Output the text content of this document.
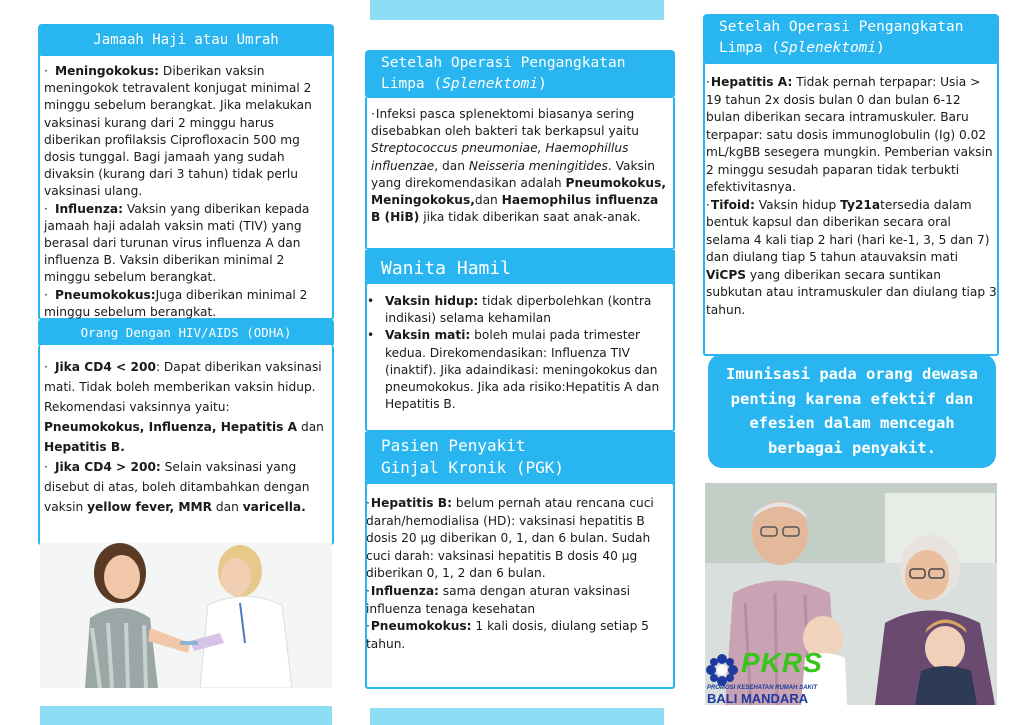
Jamaah Haji atau Umrah

· Meningokokus: Diberikan vaksin meningokok tetravalent konjugat minimal 2 minggu sebelum berangkat. Jika melakukan vaksinasi kurang dari 2 minggu harus diberikan profilaksis Ciprofloxacin 500 mg dosis tunggal. Bagi jamaah yang sudah divaksin (kurang dari 3 tahun) tidak perlu vaksinasi ulang.

· Influenza: Vaksin yang diberikan kepada jamaah haji adalah vaksin mati (TIV) yang berasal dari turunan virus influenza A dan influenza B. Vaksin diberikan minimal 2 minggu sebelum berangkat.

· Pneumokokus:Juga diberikan minimal 2 minggu sebelum berangkat.

Orang Dengan HIV/AIDS (ODHA)

· Jika CD4 < 200: Dapat diberikan vaksinasi mati. Tidak boleh memberikan vaksin hidup. Rekomendasi vaksinnya yaitu: Pneumokokus, Influenza, Hepatitis A dan Hepatitis B.

· Jika CD4 > 200: Selain vaksinasi yang disebut di atas, boleh ditambahkan dengan vaksin yellow fever, MMR dan varicella.

Setelah Operasi Pengangkatan
Limpa (Splenektomi)

·Infeksi pasca splenektomi biasanya sering disebabkan oleh bakteri tak berkapsul yaitu Streptococcus pneumoniae, Haemophillus influenzae, dan Neisseria meningitides. Vaksin yang direkomendasikan adalah Pneumokokus, Meningokokus,dan Haemophilus influenza B (HiB) jika tidak diberikan saat anak-anak.

Wanita Hamil

• Vaksin hidup: tidak diperbolehkan (kontra indikasi) selama kehamilan

• Vaksin mati: boleh mulai pada trimester kedua. Direkomendasikan: Influenza TIV (inaktif). Jika adaindikasi: meningokokus dan pneumokokus. Jika ada risiko:Hepatitis A dan Hepatitis B.

Pasien Penyakit
Ginjal Kronik (PGK)

·Hepatitis B: belum pernah atau rencana cuci darah/hemodialisa (HD): vaksinasi hepatitis B dosis 20 µg diberikan 0, 1, dan 6 bulan. Sudah cuci darah: vaksinasi hepatitis B dosis 40 µg diberikan 0, 1, 2 dan 6 bulan.

·Influenza: sama dengan aturan vaksinasi influenza tenaga kesehatan

·Pneumokokus: 1 kali dosis, diulang setiap 5 tahun.

Setelah Operasi Pengangkatan
Limpa (Splenektomi)

·Hepatitis A: Tidak pernah terpapar: Usia > 19 tahun 2x dosis bulan 0 dan bulan 6-12 bulan diberikan secara intramuskuler. Baru terpapar: satu dosis immunoglobulin (Ig) 0.02 mL/kgBB sesegera mungkin. Pemberian vaksin 2 minggu sesudah paparan tidak terbukti efektivitasnya.

·Tifoid: Vaksin hidup Ty21atersedia dalam bentuk kapsul dan diberikan secara oral selama 4 kali tiap 2 hari (hari ke-1, 3, 5 dan 7) dan diulang tiap 5 tahun atauvaksin mati ViCPS yang diberikan secara suntikan subkutan atau intramuskuler dan diulang tiap 3 tahun.

Imunisasi pada orang dewasa penting karena efektif dan efesien dalam mencegah berbagai penyakit.
PKRS
PROMOSI KESEHATAN RUMAH SAKIT
BALI MANDARA
